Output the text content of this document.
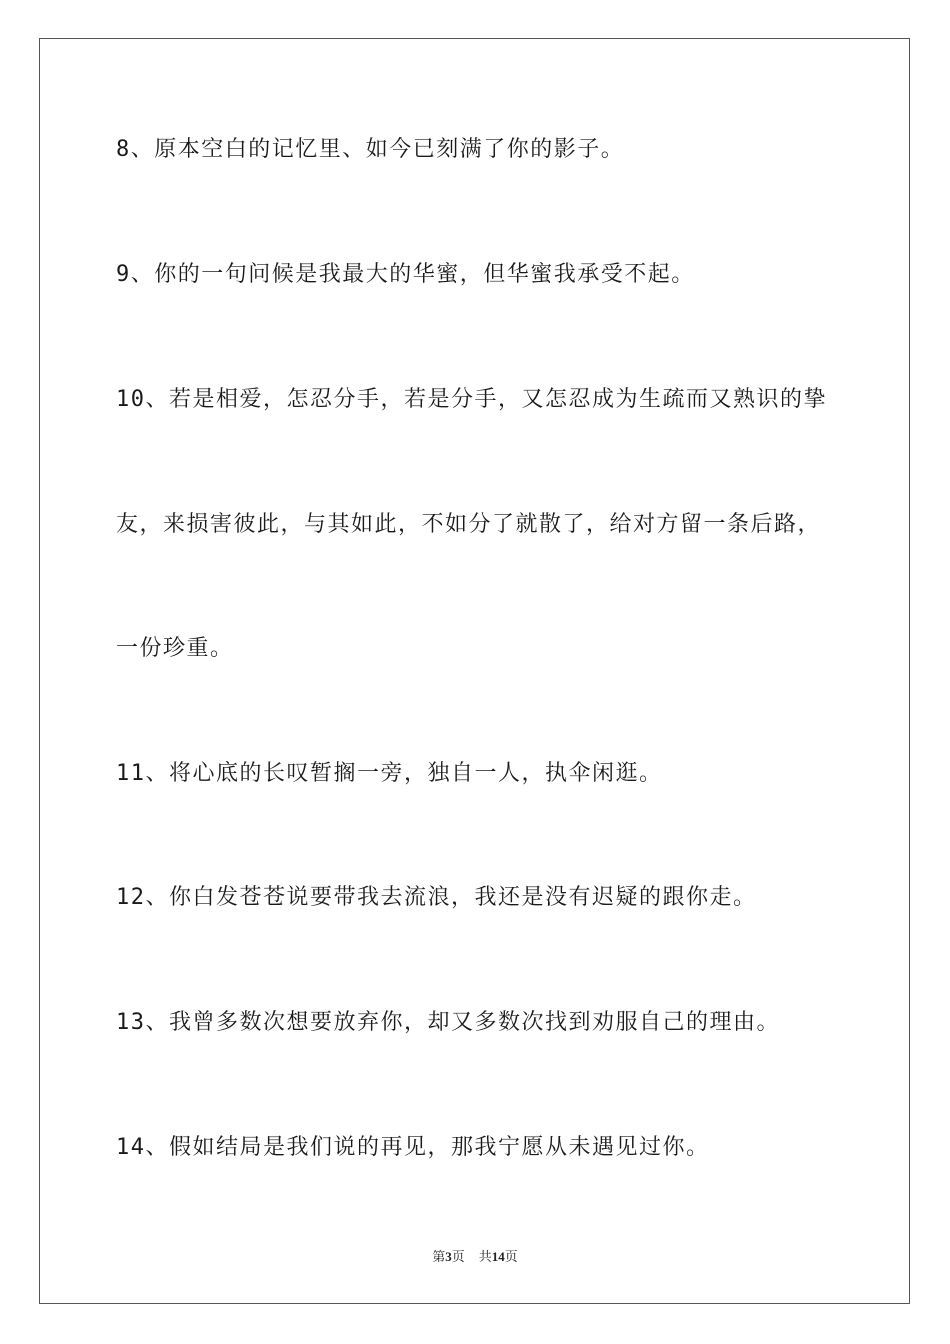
8、原本空白的记忆里、如今已刻满了你的影子。
9、你的一句问候是我最大的华蜜，但华蜜我承受不起。
10、若是相爱，怎忍分手，若是分手，又怎忍成为生疏而又熟识的挚
友，来损害彼此，与其如此，不如分了就散了，给对方留一条后路，
一份珍重。
11、将心底的长叹暂搁一旁，独自一人，执伞闲逛。
12、你白发苍苍说要带我去流浪，我还是没有迟疑的跟你走。
13、我曾多数次想要放弃你，却又多数次找到劝服自己的理由。
14、假如结局是我们说的再见，那我宁愿从未遇见过你。
第3页 共14页
